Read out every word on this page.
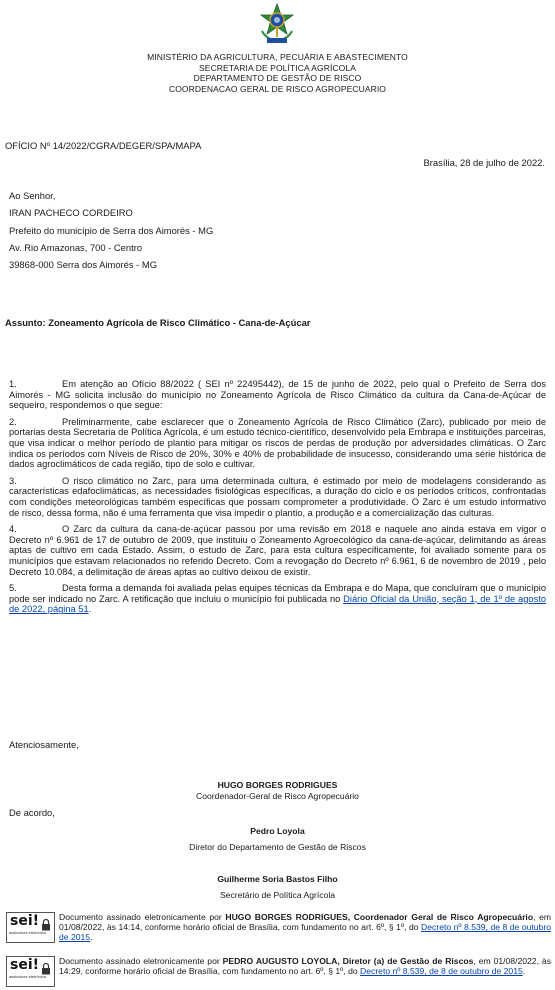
MINISTÉRIO DA AGRICULTURA, PECUÁRIA E ABASTECIMENTO
SECRETARIA DE POLÍTICA AGRÍCOLA
DEPARTAMENTO DE GESTÃO DE RISCO
COORDENACAO GERAL DE RISCO AGROPECUARIO
OFÍCIO Nº 14/2022/CGRA/DEGER/SPA/MAPA
Brasília, 28 de julho de 2022.
Ao Senhor,
IRAN PACHECO CORDEIRO
Prefeito do município de Serra dos Aimorés - MG
Av. Rio Amazonas, 700 - Centro
39868-000 Serra dos Aimorés - MG
Assunto: Zoneamento Agrícola de Risco Climático - Cana-de-Açúcar

1.	Em atenção ao Ofício 88/2022 ( SEI nº 22495442), de 15 de junho de 2022, pelo qual o Prefeito de Serra dos Aimorés - MG solicita inclusão do município no Zoneamento Agrícola de Risco Climático da cultura da Cana-de-Açúcar de sequeiro, respondemos o que segue:

2.	Preliminarmente, cabe esclarecer que o Zoneamento Agrícola de Risco Climático (Zarc), publicado por meio de portarias desta Secretaria de Política Agrícola, é um estudo técnico-científico, desenvolvido pela Embrapa e instituições parceiras, que visa indicar o melhor período de plantio para mitigar os riscos de perdas de produção por adversidades climáticas. O Zarc indica os períodos com Níveis de Risco de 20%, 30% e 40% de probabilidade de insucesso, considerando uma série histórica de dados agroclimáticos de cada região, tipo de solo e cultivar.

3.	O risco climático no Zarc, para uma determinada cultura, é estimado por meio de modelagens considerando as características edafoclimáticas, as necessidades fisiológicas específicas, a duração do ciclo e os períodos críticos, confrontadas com condições meteorológicas também específicas que possam comprometer a produtividade. O Zarc é um estudo informativo de risco, dessa forma, não é uma ferramenta que visa impedir o plantio, a produção e a comercialização das culturas.

4.	O Zarc da cultura da cana-de-açúcar passou por uma revisão em 2018 e naquele ano ainda estava em vigor o Decreto nº 6.961 de 17 de outubro de 2009, que instituiu o Zoneamento Agroecológico da cana-de-açúcar, delimitando as áreas aptas de cultivo em cada Estado. Assim, o estudo de Zarc, para esta cultura especificamente, foi avaliado somente para os municípios que estavam relacionados no referido Decreto. Com a revogação do Decreto nº 6.961, 6 de novembro de 2019 , pelo Decreto 10.084, a delimitação de áreas aptas ao cultivo deixou de existir.

5.	Desta forma a demanda foi avaliada pelas equipes técnicas da Embrapa e do Mapa, que concluíram que o município pode ser indicado no Zarc. A retificação que incluiu o município foi publicada no Diário Oficial da União, seção 1, de 1º de agosto de 2022, página 51.

Atenciosamente,
HUGO BORGES RODRIGUES
Coordenador-Geral de Risco Agropecuário
De acordo,
Pedro Loyola
Diretor do Departamento de Gestão de Riscos
Guilherme Soria Bastos Filho
Secretário de Política Agrícola
sei!
assinatura eletrônica
Documento assinado eletronicamente por HUGO BORGES RODRIGUES, Coordenador Geral de Risco Agropecuário, em 01/08/2022, às 14:14, conforme horário oficial de Brasília, com fundamento no art. 6º, § 1º, do Decreto nº 8.539, de 8 de outubro de 2015.
sei!
assinatura eletrônica
Documento assinado eletronicamente por PEDRO AUGUSTO LOYOLA, Diretor (a) de Gestão de Riscos, em 01/08/2022, às 14:29, conforme horário oficial de Brasília, com fundamento no art. 6º, § 1º, do Decreto nº 8.539, de 8 de outubro de 2015.
